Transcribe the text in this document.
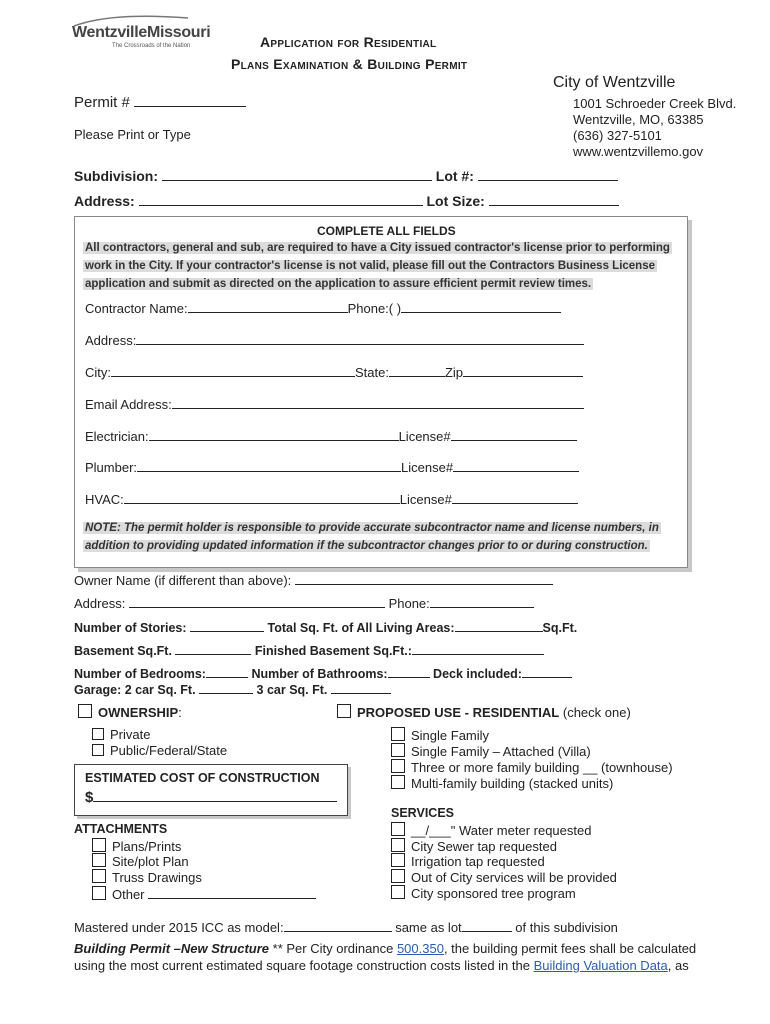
WentzvilleMissouri
The Crossroads of the Nation	Application for Residential
Plans Examination & Building Permit
City of Wentzville
1001 Schroeder Creek Blvd.
Wentzville, MO, 63385
(636) 327-5101
www.wentzvillemo.gov
Permit #
Please Print or Type
Subdivision:	Lot #:
Address:	Lot Size:
COMPLETE ALL FIELDS
All contractors, general and sub, are required to have a City issued contractor's license prior to performing
work in the City. If your contractor's license is not valid, please fill out the Contractors Business License
application and submit as directed on the application to assure efficient permit review times.
Contractor Name:	Phone:( )
Address:
City:	State:	Zip
Email Address:
Electrician:	License#
Plumber:	License#
HVAC:	License#
NOTE: The permit holder is responsible to provide accurate subcontractor name and license numbers, in
addition to providing updated information if the subcontractor changes prior to or during construction.
Owner Name (if different than above):
Address:	Phone:
Number of Stories:	Total Sq. Ft. of All Living Areas:	Sq.Ft.
Basement Sq.Ft.	Finished Basement Sq.Ft.:
Number of Bedrooms:	Number of Bathrooms:	Deck included:
Garage: 2 car Sq. Ft.	3 car Sq. Ft.
OWNERSHIP:
Private
Public/Federal/State
PROPOSED USE - RESIDENTIAL (check one)
Single Family
Single Family – Attached (Villa)
Three or more family building __ (townhouse)
Multi-family building (stacked units)
ESTIMATED COST OF CONSTRUCTION
$
ATTACHMENTS
Plans/Prints
Site/plot Plan
Truss Drawings
Other
SERVICES
__/___" Water meter requested
City Sewer tap requested
Irrigation tap requested
Out of City services will be provided
City sponsored tree program
Mastered under 2015 ICC as model:	same as lot	of this subdivision
Building Permit –New Structure ** Per City ordinance 500.350, the building permit fees shall be calculated
using the most current estimated square footage construction costs listed in the Building Valuation Data, as
